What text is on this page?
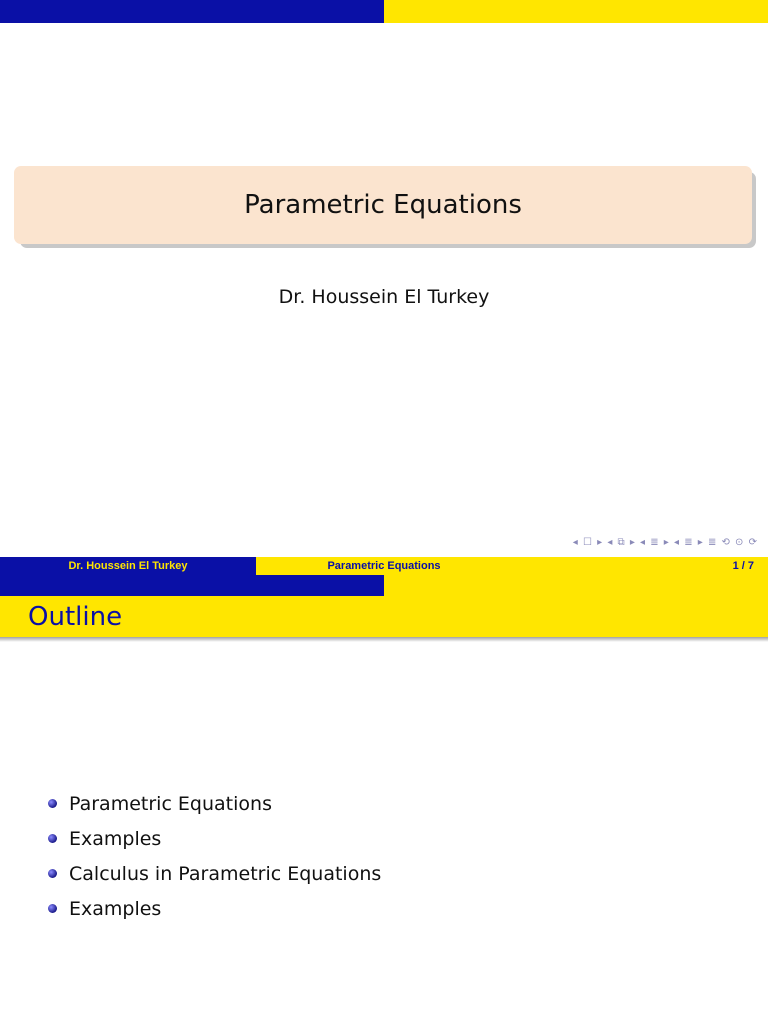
Parametric Equations
Dr. Houssein El Turkey
◂ ☐ ▸ ◂ ⧉ ▸ ◂ ≣ ▸ ◂ ≣ ▸ ≣ ⟲ ⊙ ⟳
Dr. Houssein El Turkey	Parametric Equations	1 / 7
Outline
Parametric Equations
Examples
Calculus in Parametric Equations
Examples
